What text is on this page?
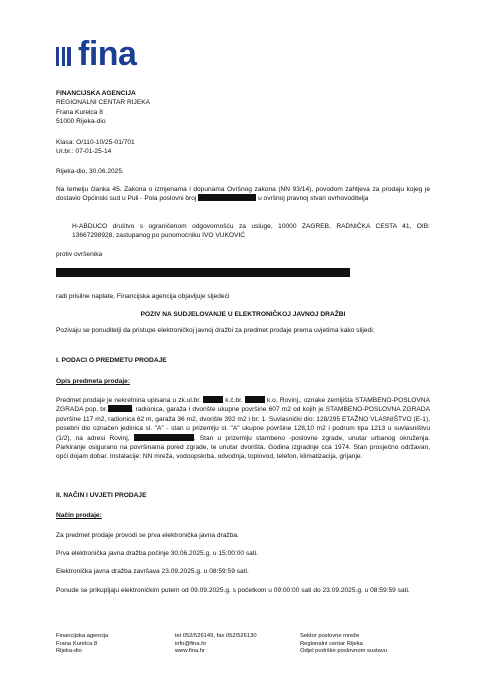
fina
FINANCIJSKA AGENCIJA
REGIONALNI CENTAR RIJEKA
Frana Kurelca 8
51000 Rijeka-dio
Klasa: O/110-10/25-01/701
Ur.br.: 07-01-25-14
Rijeka-dio, 30.06.2025.
Na temelju članka 45. Zakona o izmjenama i dopunama Ovršnog zakona (NN 93/14), povodom zahtjeva za prodaju kojeg je dostavio Općinski sud u Puli - Pola poslovni broj	u ovršnoj pravnoj stvari ovrhovoditelja
H-ABDUCO društvo s ograničenom odgovornošću za usluge, 10000 ZAGREB, RADNIČKA CESTA 41, OIB: 13667298928, zastupanog po punomoćniku IVO VUKOVIĆ
protiv ovršenika
radi prisilne naplate, Financijska agencija objavljuje sljedeći
POZIV NA SUDJELOVANJE U ELEKTRONIČKOJ JAVNOJ DRAŽBI
Pozivaju se ponuditelji da pristupe elektroničkoj javnoj dražbi za predmet prodaje prema uvjetima kako slijedi:
I. PODACI O PREDMETU PRODAJE
Opis predmeta prodaje:
Predmet prodaje je nekretnina upisana u zk.ul.br.	k.č.br.	k.o. Rovinj., oznake zemljišta STAMBENO-POSLOVNA ZGRADA pop. br.	, radionica, garaža i dvorište ukupne površine 607 m2 od kojih je STAMBENO-POSLOVNA ZGRADA površine 117 m2, radionica 62 m, garaža 36 m2, dvorište 392 m2 i br: 1. Suvlasnički dio: 128/295 ETAŽNO VLASNIŠTVO (E-1), posebni dio označen jedinica sl. "A" - stan u prizemlju sl. "A" ukupne površine 128,10 m2 i podrum tipa 1213 u suvlasništvu (1/2), na adresi Rovinj,	. Stan u prizemlju stambeno -poslovne zgrade, unutar urbanog okruženja. Parkiranje osigurano na površinama pored zgrade, te unutar dvorišta. Godina izgradnje cca 1974. Stan prosječno održavan, opći dojam dobar. Instalacije: NN mreža, vodoopskrba, odvodnja, toplovod, telefon, klimatizacija, grijanje.
II. NAČIN I UVJETI PRODAJE
Način prodaje:
Za predmet prodaje provodi se prva elektronička javna dražba.
Prva elektronička javna dražba počinje 30.06.2025.g. u 15:00:00 sati.
Elektronička javna dražba završava 23.09.2025.g. u 08:59:59 sati.
Ponude se prikupljaju elektroničkim putem od 09.09.2025.g. s početkom u 09:00:00 sati do 23.09.2025.g. u 08:59:59 sati.
Financijska agencija
Frana Kurelca 8
Rijeka-dio
tel 052/526149, fax 052/526130
info@fina.hr
www.fina.hr
Sektor poslovne mreže
Regionalni centar Rijeka
Odjel podrške poslovnom sustavu
